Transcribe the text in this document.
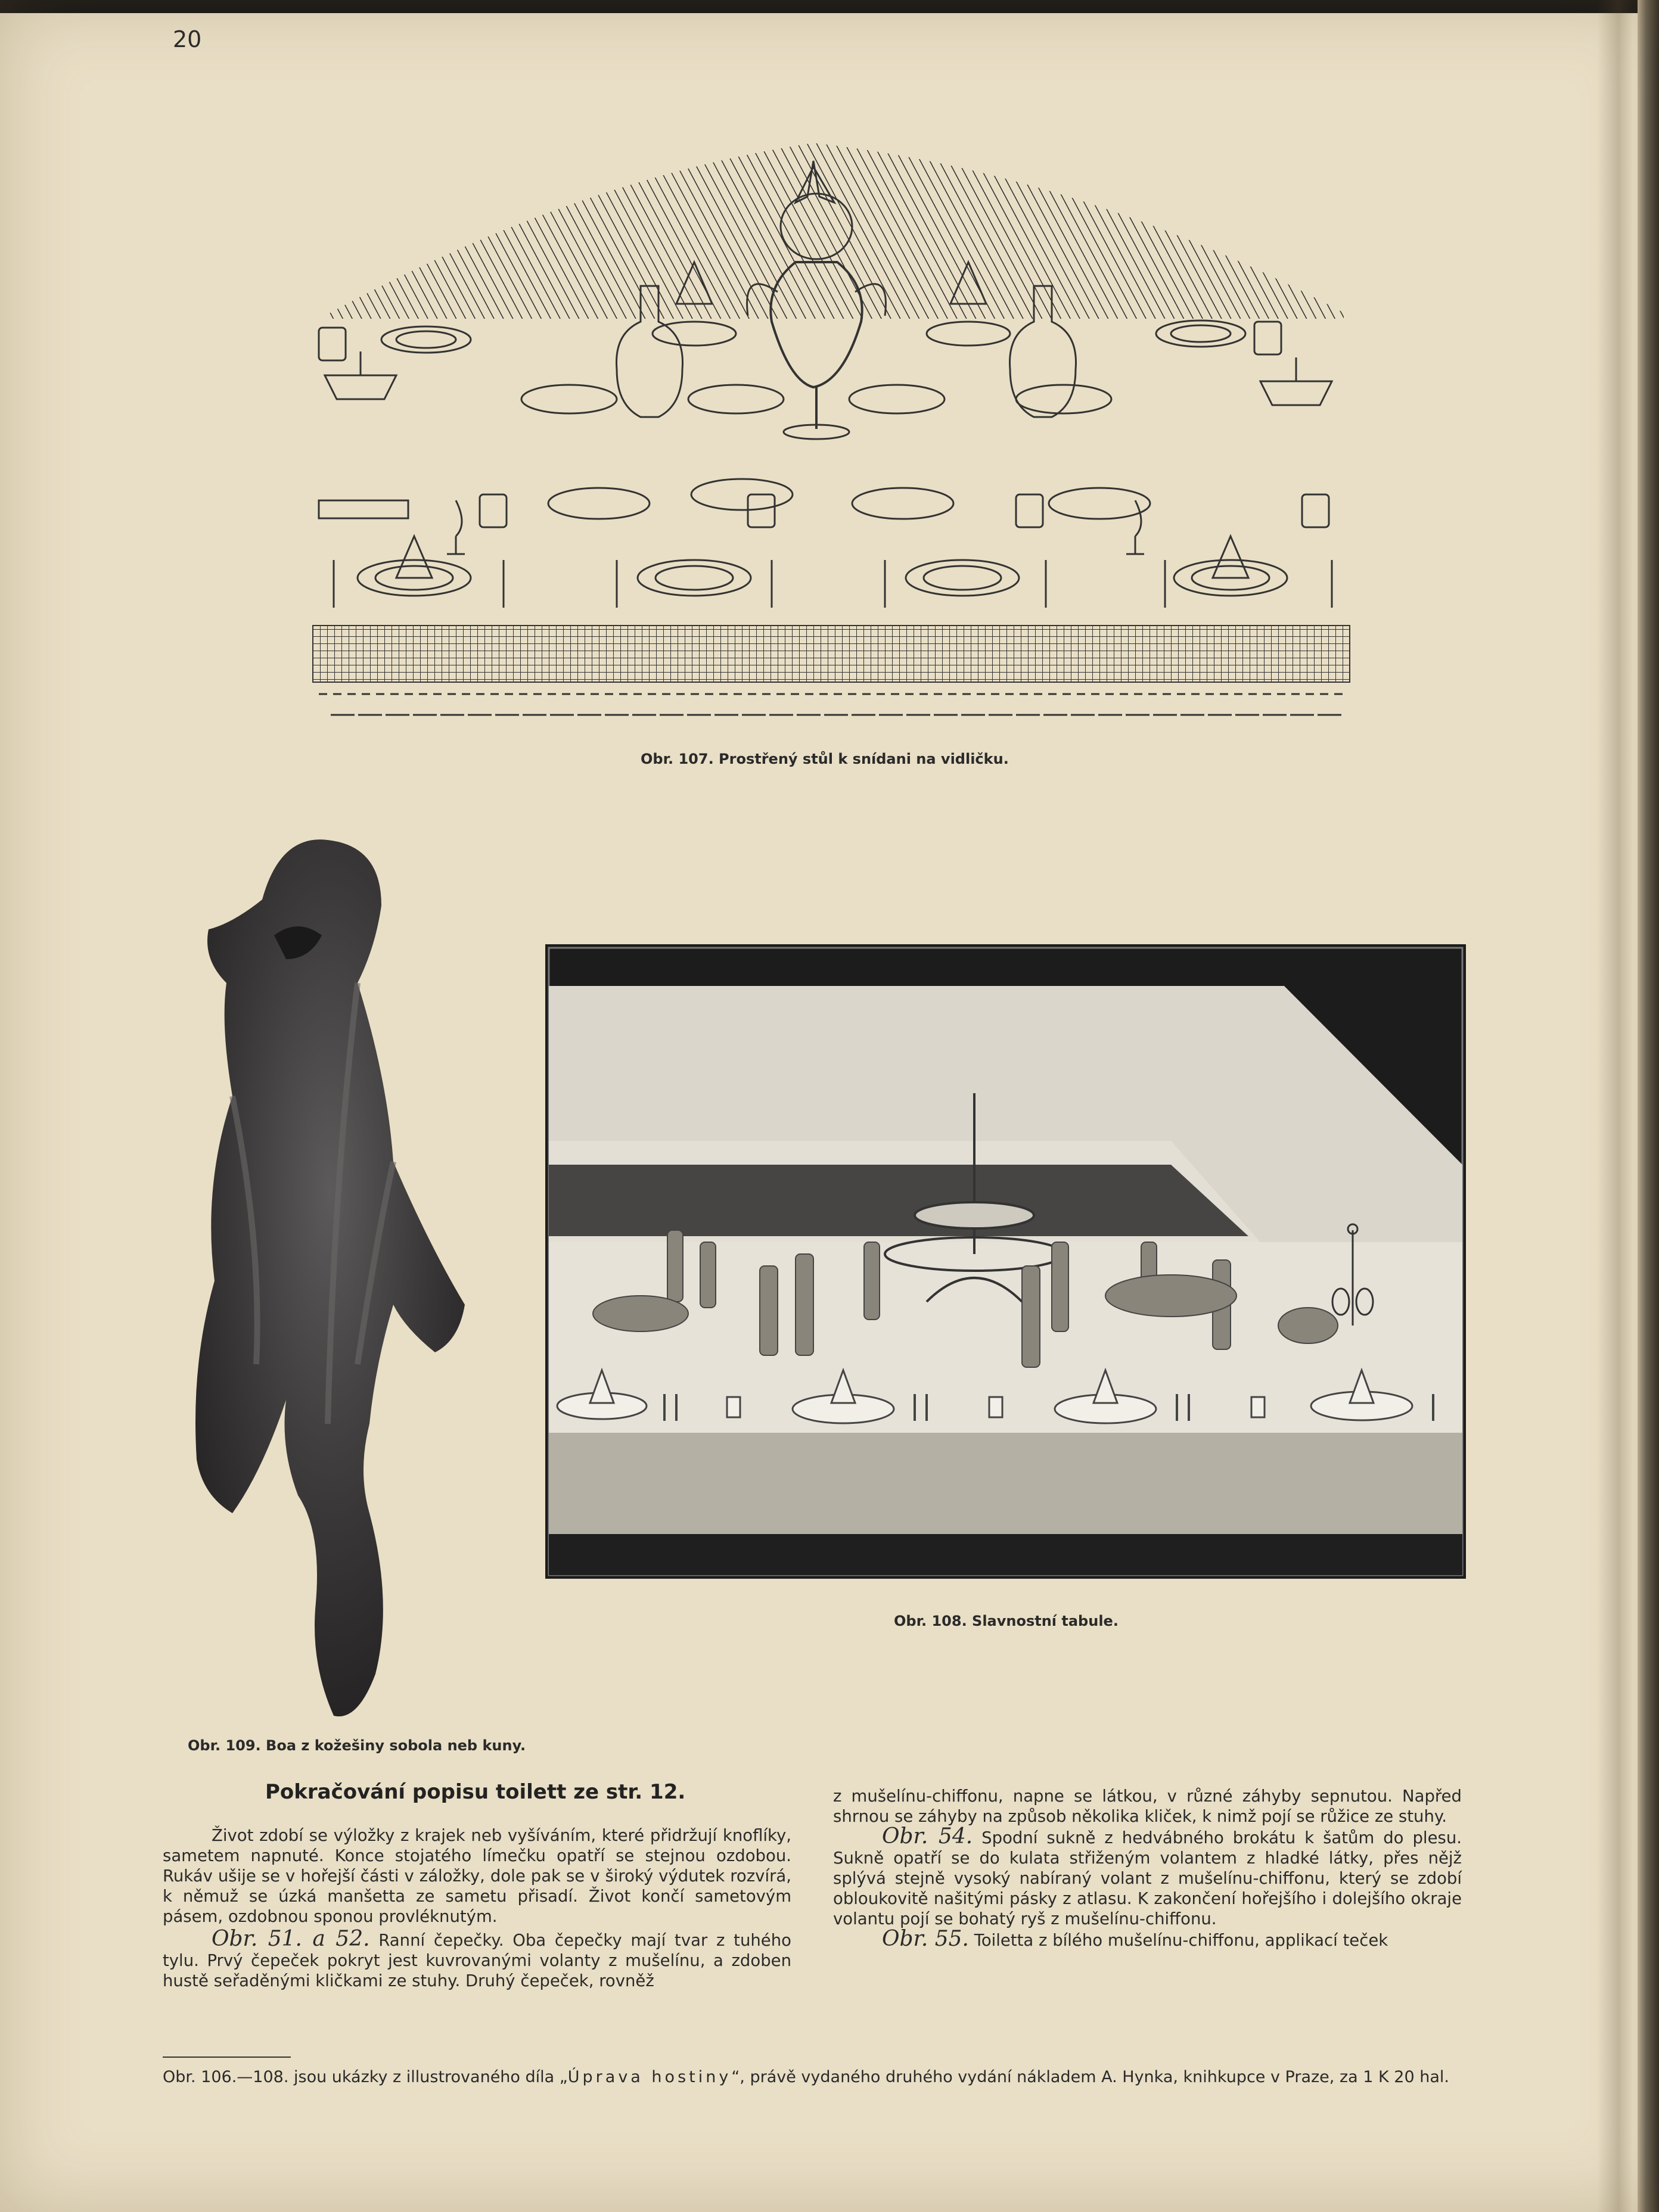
20
Obr. 107. Prostřený stůl k snídani na vidličku.
Obr. 109. Boa z kožešiny sobola neb kuny.
Obr. 108. Slavnostní tabule.
Pokračování popisu toilett ze str. 12.

Život zdobí se výložky z krajek neb vyšíváním, které přidržují knoflíky, sametem napnuté. Konce stojatého límečku opatří se stejnou ozdobou. Rukáv ušije se v hořejší části v záložky, dole pak se v široký výdutek rozvírá, k němuž se úzká manšetta ze sametu přisadí. Život končí sametovým pásem, ozdobnou sponou provléknutým.

Obr. 51. a 52. Ranní čepečky. Oba čepečky mají tvar z tuhého tylu. Prvý čepeček pokryt jest kuvrovanými volanty z mušelínu, a zdoben hustě seřaděnými kličkami ze stuhy. Druhý čepeček, rovněž

z mušelínu-chiffonu, napne se látkou, v různé záhyby sepnutou. Napřed shrnou se záhyby na způsob několika kliček, k nimž pojí se růžice ze stuhy.

Obr. 54. Spodní sukně z hedvábného brokátu k šatům do plesu. Sukně opatří se do kulata střiženým volantem z hladké látky, přes nějž splývá stejně vysoký nabíraný volant z mušelínu-chiffonu, který se zdobí obloukovitě našitými pásky z atlasu. K zakončení hořejšího i dolejšího okraje volantu pojí se bohatý ryš z mušelínu-chiffonu.

Obr. 55. Toiletta z bílého mušelínu-chiffonu, applikací teček

Obr. 106.—108. jsou ukázky z illustrovaného díla „Úprava hostiny“, právě vydaného druhého vydání nákladem A. Hynka, knihkupce v Praze, za 1 K 20 hal.
